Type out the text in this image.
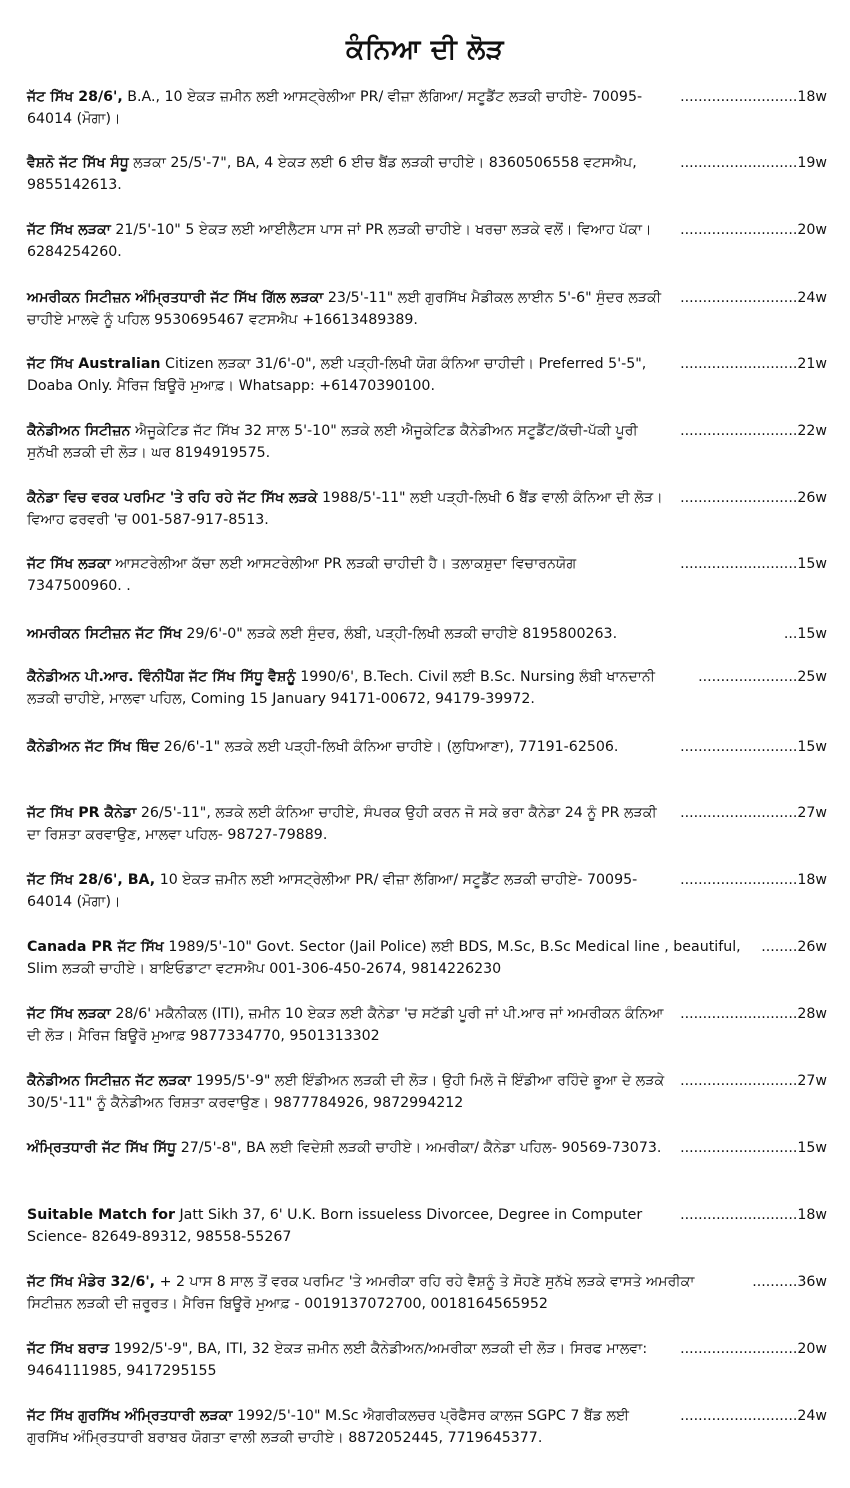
ਕੰਨਿਆ ਦੀ ਲੋੜ
..........................18w
ਜੱਟ ਸਿੱਖ 28/6', B.A., 10 ਏਕੜ ਜ਼ਮੀਨ ਲਈ ਆਸਟ੍ਰੇਲੀਆ PR/ ਵੀਜ਼ਾ ਲੱਗਿਆ/ ਸਟੂਡੈਂਟ ਲੜਕੀ ਚਾਹੀਏ- 70095-64014 (ਮੋਗਾ)।
..........................19w
ਵੈਸ਼ਨੋ ਜੱਟ ਸਿੱਖ ਸੰਧੂ ਲੜਕਾ 25/5'-7", BA, 4 ਏਕੜ ਲਈ 6 ਈਚ ਬੈਂਡ ਲੜਕੀ ਚਾਹੀਏ। 8360506558 ਵਟਸਐਪ, 9855142613.
..........................20w
ਜੱਟ ਸਿੱਖ ਲੜਕਾ 21/5'-10" 5 ਏਕੜ ਲਈ ਆਈਲੈਟਸ ਪਾਸ ਜਾਂ PR ਲੜਕੀ ਚਾਹੀਏ। ਖਰਚਾ ਲੜਕੇ ਵਲੋਂ। ਵਿਆਹ ਪੱਕਾ। 6284254260.
..........................24w
ਅਮਰੀਕਨ ਸਿਟੀਜ਼ਨ ਅੰਮ੍ਰਿਤਧਾਰੀ ਜੱਟ ਸਿੱਖ ਗਿੱਲ ਲੜਕਾ 23/5'-11" ਲਈ ਗੁਰਸਿੱਖ ਮੈਡੀਕਲ ਲਾਈਨ 5'-6" ਸੁੰਦਰ ਲੜਕੀ ਚਾਹੀਏ ਮਾਲਵੇ ਨੂੰ ਪਹਿਲ 9530695467 ਵਟਸਐਪ +16613489389.
..........................21w
ਜੱਟ ਸਿੱਖ Australian Citizen ਲੜਕਾ 31/6'-0", ਲਈ ਪੜ੍ਹੀ-ਲਿਖੀ ਯੋਗ ਕੰਨਿਆ ਚਾਹੀਦੀ। Preferred 5'-5", Doaba Only. ਮੈਰਿਜ ਬਿਊਰੋ ਮੁਆਫ਼। Whatsapp: +61470390100.
..........................22w
ਕੈਨੇਡੀਅਨ ਸਿਟੀਜ਼ਨ ਐਜੂਕੇਟਿਡ ਜੱਟ ਸਿੱਖ 32 ਸਾਲ 5'-10" ਲੜਕੇ ਲਈ ਐਜੂਕੇਟਿਡ ਕੈਨੇਡੀਅਨ ਸਟੂਡੈਂਟ/ਕੱਚੀ-ਪੱਕੀ ਪੂਰੀ ਸੁਨੱਖੀ ਲੜਕੀ ਦੀ ਲੋੜ। ਘਰ 8194919575.
..........................26w
ਕੈਨੇਡਾ ਵਿਚ ਵਰਕ ਪਰਮਿਟ 'ਤੇ ਰਹਿ ਰਹੇ ਜੱਟ ਸਿੱਖ ਲੜਕੇ 1988/5'-11" ਲਈ ਪੜ੍ਹੀ-ਲਿਖੀ 6 ਬੈਂਡ ਵਾਲੀ ਕੰਨਿਆ ਦੀ ਲੋੜ। ਵਿਆਹ ਫਰਵਰੀ 'ਚ 001-587-917-8513.
..........................15w
ਜੱਟ ਸਿੱਖ ਲੜਕਾ ਆਸਟਰੇਲੀਆ ਕੱਚਾ ਲਈ ਆਸਟਰੇਲੀਆ PR ਲੜਕੀ ਚਾਹੀਦੀ ਹੈ। ਤਲਾਕਸ਼ੁਦਾ ਵਿਚਾਰਨਯੋਗ 7347500960. .
...15w
ਅਮਰੀਕਨ ਸਿਟੀਜ਼ਨ ਜੱਟ ਸਿੱਖ 29/6'-0" ਲੜਕੇ ਲਈ ਸੁੰਦਰ, ਲੰਬੀ, ਪੜ੍ਹੀ-ਲਿਖੀ ਲੜਕੀ ਚਾਹੀਏ 8195800263.
......................25w
ਕੈਨੇਡੀਅਨ ਪੀ.ਆਰ. ਵਿੰਨੀਪੈੱਗ ਜੱਟ ਸਿੱਖ ਸਿੱਧੂ ਵੈਸ਼ਨੂੰ 1990/6', B.Tech. Civil ਲਈ B.Sc. Nursing ਲੰਬੀ ਖਾਨਦਾਨੀ ਲੜਕੀ ਚਾਹੀਏ, ਮਾਲਵਾ ਪਹਿਲ, Coming 15 January 94171-00672, 94179-39972.
..........................15w
ਕੈਨੇਡੀਅਨ ਜੱਟ ਸਿੱਖ ਥਿੰਦ 26/6'-1" ਲੜਕੇ ਲਈ ਪੜ੍ਹੀ-ਲਿਖੀ ਕੰਨਿਆ ਚਾਹੀਏ। (ਲੁਧਿਆਣਾ), 77191-62506.
..........................27w
ਜੱਟ ਸਿੱਖ PR ਕੈਨੇਡਾ 26/5'-11", ਲੜਕੇ ਲਈ ਕੰਨਿਆ ਚਾਹੀਏ, ਸੰਪਰਕ ਉਹੀ ਕਰਨ ਜੋ ਸਕੇ ਭਰਾ ਕੈਨੇਡਾ 24 ਨੂੰ PR ਲੜਕੀ ਦਾ ਰਿਸ਼ਤਾ ਕਰਵਾਉਣ, ਮਾਲਵਾ ਪਹਿਲ- 98727-79889.
..........................18w
ਜੱਟ ਸਿੱਖ 28/6', BA, 10 ਏਕੜ ਜ਼ਮੀਨ ਲਈ ਆਸਟ੍ਰੇਲੀਆ PR/ ਵੀਜ਼ਾ ਲੱਗਿਆ/ ਸਟੂਡੈਂਟ ਲੜਕੀ ਚਾਹੀਏ- 70095-64014 (ਮੋਗਾ)।
........26w
Canada PR ਜੱਟ ਸਿੱਖ 1989/5'-10" Govt. Sector (Jail Police) ਲਈ BDS, M.Sc, B.Sc Medical line , beautiful, Slim ਲੜਕੀ ਚਾਹੀਏ। ਬਾਇਓਡਾਟਾ ਵਟਸਐਪ 001-306-450-2674, 9814226230
..........................28w
ਜੱਟ ਸਿੱਖ ਲੜਕਾ 28/6' ਮਕੈਨੀਕਲ (ITI), ਜ਼ਮੀਨ 10 ਏਕੜ ਲਈ ਕੈਨੇਡਾ 'ਚ ਸਟੱਡੀ ਪੂਰੀ ਜਾਂ ਪੀ.ਆਰ ਜਾਂ ਅਮਰੀਕਨ ਕੰਨਿਆ ਦੀ ਲੋੜ। ਮੈਰਿਜ ਬਿਊਰੋ ਮੁਆਫ਼ 9877334770, 9501313302
..........................27w
ਕੈਨੇਡੀਅਨ ਸਿਟੀਜ਼ਨ ਜੱਟ ਲੜਕਾ 1995/5'-9" ਲਈ ਇੰਡੀਅਨ ਲੜਕੀ ਦੀ ਲੋੜ। ਉਹੀ ਮਿਲੋ ਜੋ ਇੰਡੀਆ ਰਹਿੰਦੇ ਭੂਆ ਦੇ ਲੜਕੇ 30/5'-11" ਨੂੰ ਕੈਨੇਡੀਅਨ ਰਿਸ਼ਤਾ ਕਰਵਾਉਣ। 9877784926, 9872994212
..........................15w
ਅੰਮ੍ਰਿਤਧਾਰੀ ਜੱਟ ਸਿੱਖ ਸਿੱਧੂ 27/5'-8", BA ਲਈ ਵਿਦੇਸ਼ੀ ਲੜਕੀ ਚਾਹੀਏ। ਅਮਰੀਕਾ/ ਕੈਨੇਡਾ ਪਹਿਲ- 90569-73073.
..........................18w
Suitable Match for Jatt Sikh 37, 6' U.K. Born issueless Divorcee, Degree in Computer Science- 82649-89312, 98558-55267
..........36w
ਜੱਟ ਸਿੱਖ ਮੰਡੇਰ 32/6', + 2 ਪਾਸ 8 ਸਾਲ ਤੋਂ ਵਰਕ ਪਰਮਿਟ 'ਤੇ ਅਮਰੀਕਾ ਰਹਿ ਰਹੇ ਵੈਸ਼ਨੂੰ ਤੇ ਸੋਹਣੇ ਸੁਨੱਖੇ ਲੜਕੇ ਵਾਸਤੇ ਅਮਰੀਕਾ ਸਿਟੀਜ਼ਨ ਲੜਕੀ ਦੀ ਜ਼ਰੂਰਤ। ਮੈਰਿਜ ਬਿਊਰੋ ਮੁਆਫ਼ - 0019137072700, 0018164565952
..........................20w
ਜੱਟ ਸਿੱਖ ਬਰਾੜ 1992/5'-9", BA, ITI, 32 ਏਕੜ ਜ਼ਮੀਨ ਲਈ ਕੈਨੇਡੀਅਨ/ਅਮਰੀਕਾ ਲੜਕੀ ਦੀ ਲੋੜ। ਸਿਰਫ ਮਾਲਵਾ: 9464111985, 9417295155
..........................24w
ਜੱਟ ਸਿੱਖ ਗੁਰਸਿੱਖ ਅੰਮ੍ਰਿਤਧਾਰੀ ਲੜਕਾ 1992/5'-10" M.Sc ਐਗਰੀਕਲਚਰ ਪ੍ਰੋਫੈਸਰ ਕਾਲਜ SGPC 7 ਬੈਂਡ ਲਈ ਗੁਰਸਿੱਖ ਅੰਮ੍ਰਿਤਧਾਰੀ ਬਰਾਬਰ ਯੋਗਤਾ ਵਾਲੀ ਲੜਕੀ ਚਾਹੀਏ। 8872052445, 7719645377.
